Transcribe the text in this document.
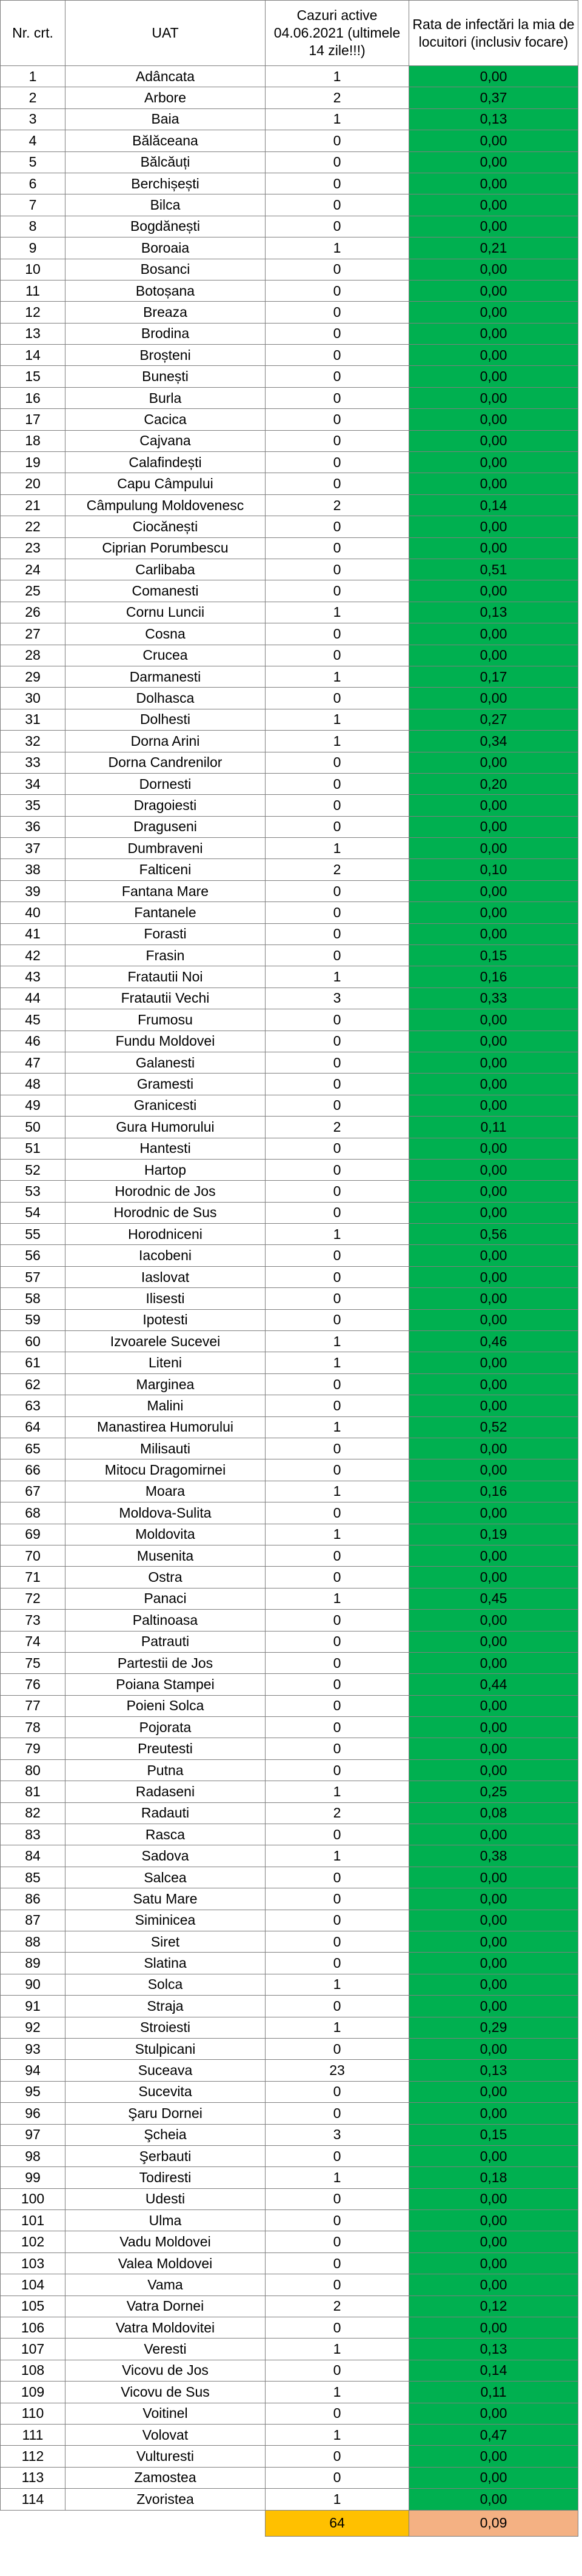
Nr. crt.	UAT	Cazuri active 04.06.2021 (ultimele 14 zile!!!)	Rata de infectări la mia de locuitori (inclusiv focare)
1	Adâncata	1	0,00
2	Arbore	2	0,37
3	Baia	1	0,13
4	Bălăceana	0	0,00
5	Bălcăuți	0	0,00
6	Berchișești	0	0,00
7	Bilca	0	0,00
8	Bogdănești	0	0,00
9	Boroaia	1	0,21
10	Bosanci	0	0,00
11	Botoșana	0	0,00
12	Breaza	0	0,00
13	Brodina	0	0,00
14	Broșteni	0	0,00
15	Bunești	0	0,00
16	Burla	0	0,00
17	Cacica	0	0,00
18	Cajvana	0	0,00
19	Calafindești	0	0,00
20	Capu Câmpului	0	0,00
21	Câmpulung Moldovenesc	2	0,14
22	Ciocănești	0	0,00
23	Ciprian Porumbescu	0	0,00
24	Carlibaba	0	0,51
25	Comanesti	0	0,00
26	Cornu Luncii	1	0,13
27	Cosna	0	0,00
28	Crucea	0	0,00
29	Darmanesti	1	0,17
30	Dolhasca	0	0,00
31	Dolhesti	1	0,27
32	Dorna Arini	1	0,34
33	Dorna Candrenilor	0	0,00
34	Dornesti	0	0,20
35	Dragoiesti	0	0,00
36	Draguseni	0	0,00
37	Dumbraveni	1	0,00
38	Falticeni	2	0,10
39	Fantana Mare	0	0,00
40	Fantanele	0	0,00
41	Forasti	0	0,00
42	Frasin	0	0,15
43	Fratautii Noi	1	0,16
44	Fratautii Vechi	3	0,33
45	Frumosu	0	0,00
46	Fundu Moldovei	0	0,00
47	Galanesti	0	0,00
48	Gramesti	0	0,00
49	Granicesti	0	0,00
50	Gura Humorului	2	0,11
51	Hantesti	0	0,00
52	Hartop	0	0,00
53	Horodnic de Jos	0	0,00
54	Horodnic de Sus	0	0,00
55	Horodniceni	1	0,56
56	Iacobeni	0	0,00
57	Iaslovat	0	0,00
58	Ilisesti	0	0,00
59	Ipotesti	0	0,00
60	Izvoarele Sucevei	1	0,46
61	Liteni	1	0,00
62	Marginea	0	0,00
63	Malini	0	0,00
64	Manastirea Humorului	1	0,52
65	Milisauti	0	0,00
66	Mitocu Dragomirnei	0	0,00
67	Moara	1	0,16
68	Moldova-Sulita	0	0,00
69	Moldovita	1	0,19
70	Musenita	0	0,00
71	Ostra	0	0,00
72	Panaci	1	0,45
73	Paltinoasa	0	0,00
74	Patrauti	0	0,00
75	Partestii de Jos	0	0,00
76	Poiana Stampei	0	0,44
77	Poieni Solca	0	0,00
78	Pojorata	0	0,00
79	Preutesti	0	0,00
80	Putna	0	0,00
81	Radaseni	1	0,25
82	Radauti	2	0,08
83	Rasca	0	0,00
84	Sadova	1	0,38
85	Salcea	0	0,00
86	Satu Mare	0	0,00
87	Siminicea	0	0,00
88	Siret	0	0,00
89	Slatina	0	0,00
90	Solca	1	0,00
91	Straja	0	0,00
92	Stroiesti	1	0,29
93	Stulpicani	0	0,00
94	Suceava	23	0,13
95	Sucevita	0	0,00
96	Şaru Dornei	0	0,00
97	Şcheia	3	0,15
98	Şerbauti	0	0,00
99	Todiresti	1	0,18
100	Udesti	0	0,00
101	Ulma	0	0,00
102	Vadu Moldovei	0	0,00
103	Valea Moldovei	0	0,00
104	Vama	0	0,00
105	Vatra Dornei	2	0,12
106	Vatra Moldovitei	0	0,00
107	Veresti	1	0,13
108	Vicovu de Jos	0	0,14
109	Vicovu de Sus	1	0,11
110	Voitinel	0	0,00
111	Volovat	1	0,47
112	Vulturesti	0	0,00
113	Zamostea	0	0,00
114	Zvoristea	1	0,00
		64	0,09
